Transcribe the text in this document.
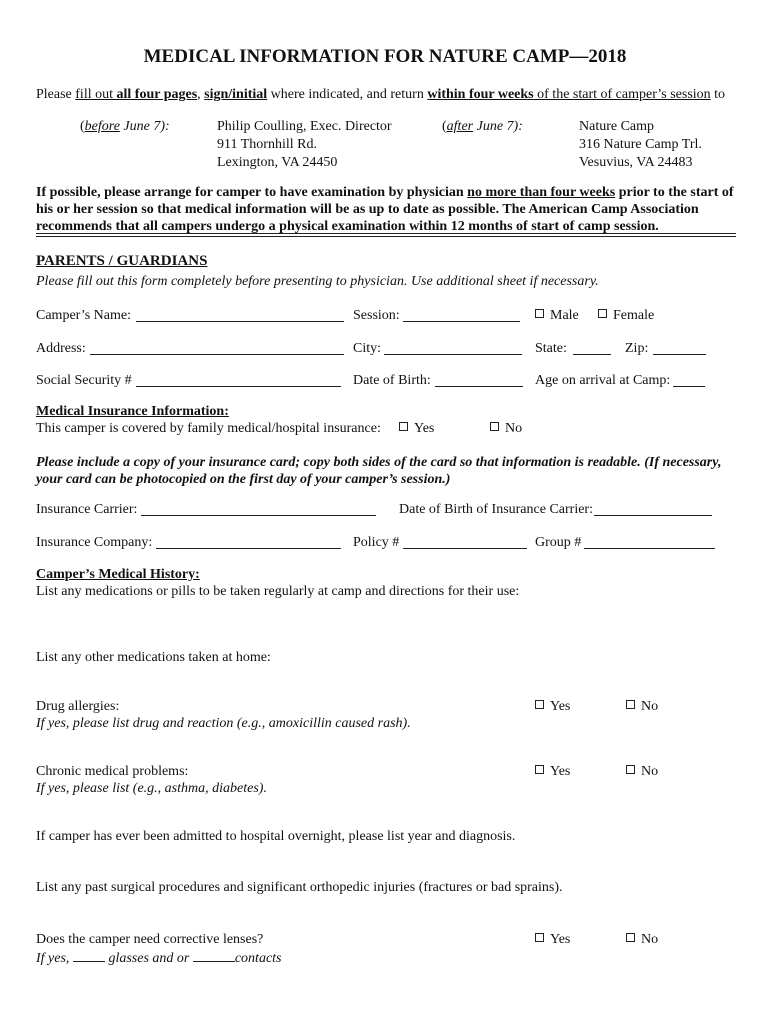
MEDICAL INFORMATION FOR NATURE CAMP—2018
Please fill out all four pages, sign/initial where indicated, and return within four weeks of the start of camper’s session to
(before June 7):	Philip Coulling, Exec. Director
911 Thornhill Rd.
Lexington, VA 24450
(after June 7):	Nature Camp
316 Nature Camp Trl.
Vesuvius, VA 24483
If possible, please arrange for camper to have examination by physician no more than four weeks prior to the start of
his or her session so that medical information will be as up to date as possible. The American Camp Association
recommends that all campers undergo a physical examination within 12 months of start of camp session.
PARENTS / GUARDIANS
Please fill out this form completely before presenting to physician. Use additional sheet if necessary.
Camper’s Name:	Session:	Male	Female
Address:	City:	State:	Zip:
Social Security #	Date of Birth:	Age on arrival at Camp:
Medical Insurance Information:
This camper is covered by family medical/hospital insurance:	Yes	No
Please include a copy of your insurance card; copy both sides of the card so that information is readable. (If necessary,
your card can be photocopied on the first day of your camper’s session.)
Insurance Carrier:	Date of Birth of Insurance Carrier:
Insurance Company:	Policy #	Group #
Camper’s Medical History:
List any medications or pills to be taken regularly at camp and directions for their use:
List any other medications taken at home:
Drug allergies:
If yes, please list drug and reaction (e.g., amoxicillin caused rash).
Yes	No
Chronic medical problems:
If yes, please list (e.g., asthma, diabetes).
Yes	No
If camper has ever been admitted to hospital overnight, please list year and diagnosis.
List any past surgical procedures and significant orthopedic injuries (fractures or bad sprains).
Does the camper need corrective lenses?
If yes,  glasses and or	contacts
Yes	No
